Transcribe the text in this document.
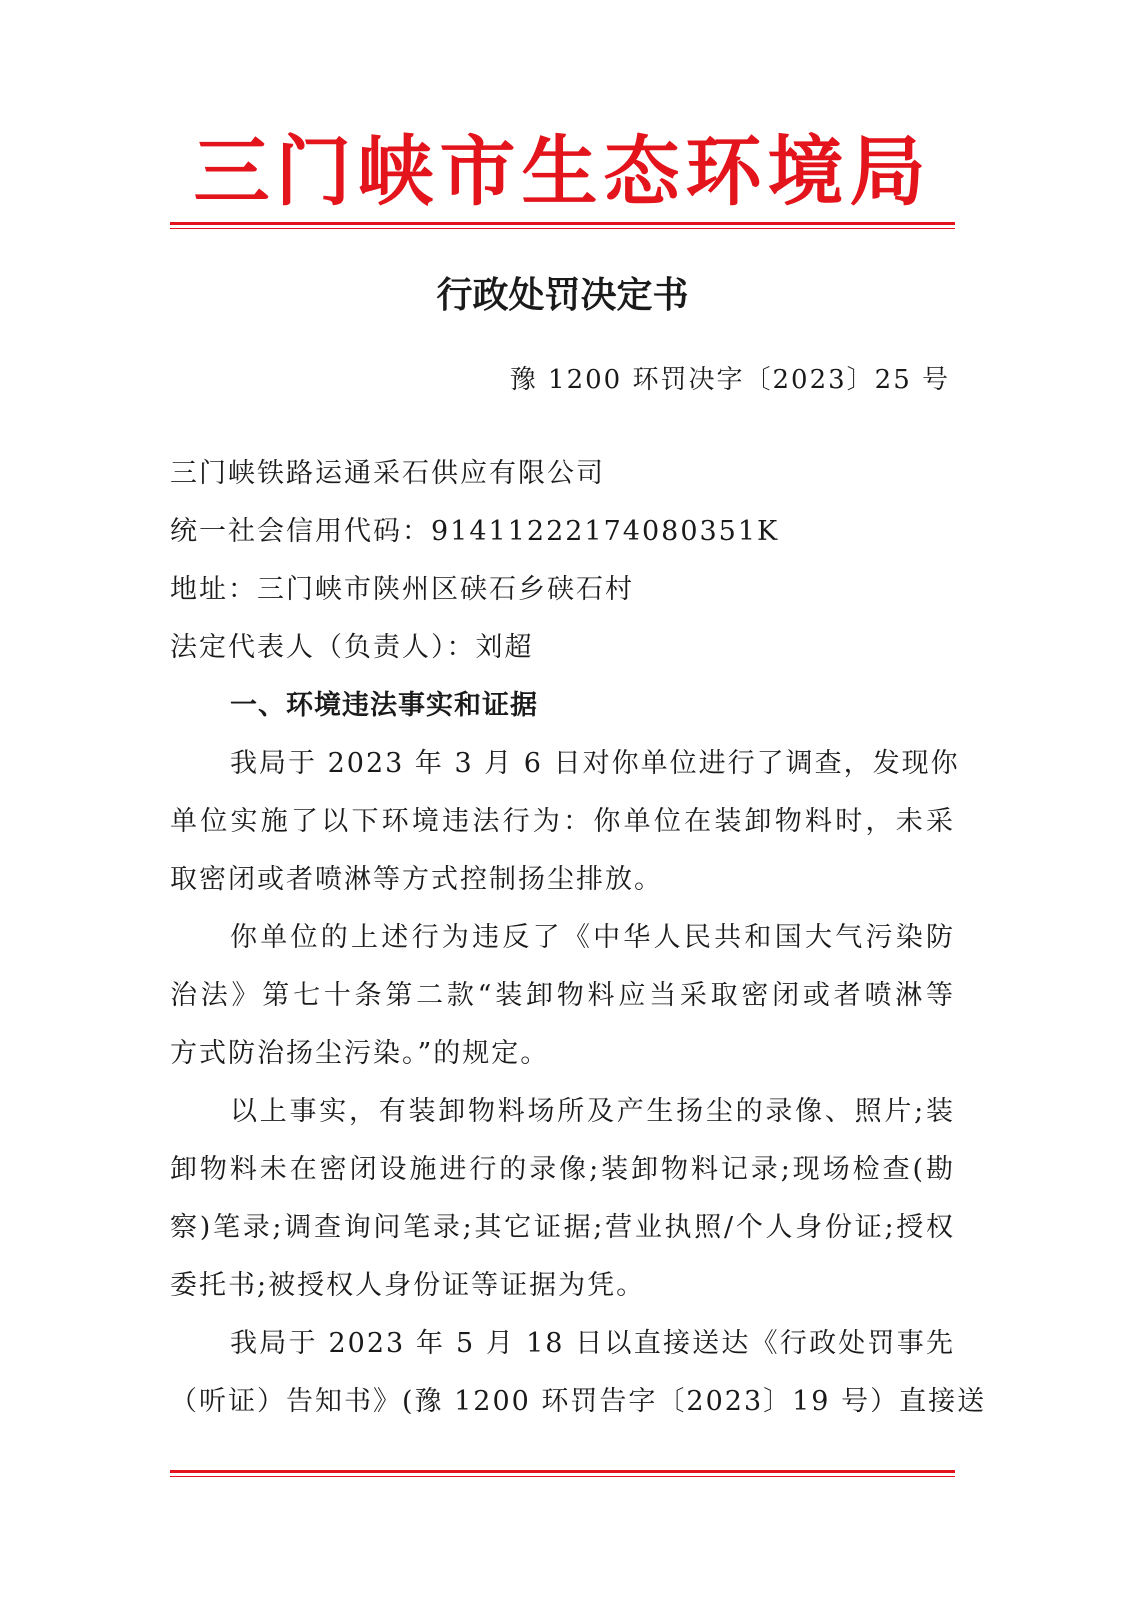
三门峡市生态环境局
行政处罚决定书
豫 1200 环罚决字〔2023〕25 号
三门峡铁路运通采石供应有限公司
统一社会信用代码：91411222174080351K
地址：三门峡市陕州区硖石乡硖石村
法定代表人（负责人）：刘超
一、环境违法事实和证据
我局于 2023 年 3 月 6 日对你单位进行了调查，发现你
单位实施了以下环境违法行为：你单位在装卸物料时，未采
取密闭或者喷淋等方式控制扬尘排放。
你单位的上述行为违反了《中华人民共和国大气污染防
治法》第七十条第二款“装卸物料应当采取密闭或者喷淋等
方式防治扬尘污染。”的规定。
以上事实，有装卸物料场所及产生扬尘的录像、照片;装
卸物料未在密闭设施进行的录像;装卸物料记录;现场检查(勘
察)笔录;调查询问笔录;其它证据;营业执照/个人身份证;授权
委托书;被授权人身份证等证据为凭。
我局于 2023 年 5 月 18 日以直接送达《行政处罚事先
（听证）告知书》(豫 1200 环罚告字〔2023〕19 号）直接送
